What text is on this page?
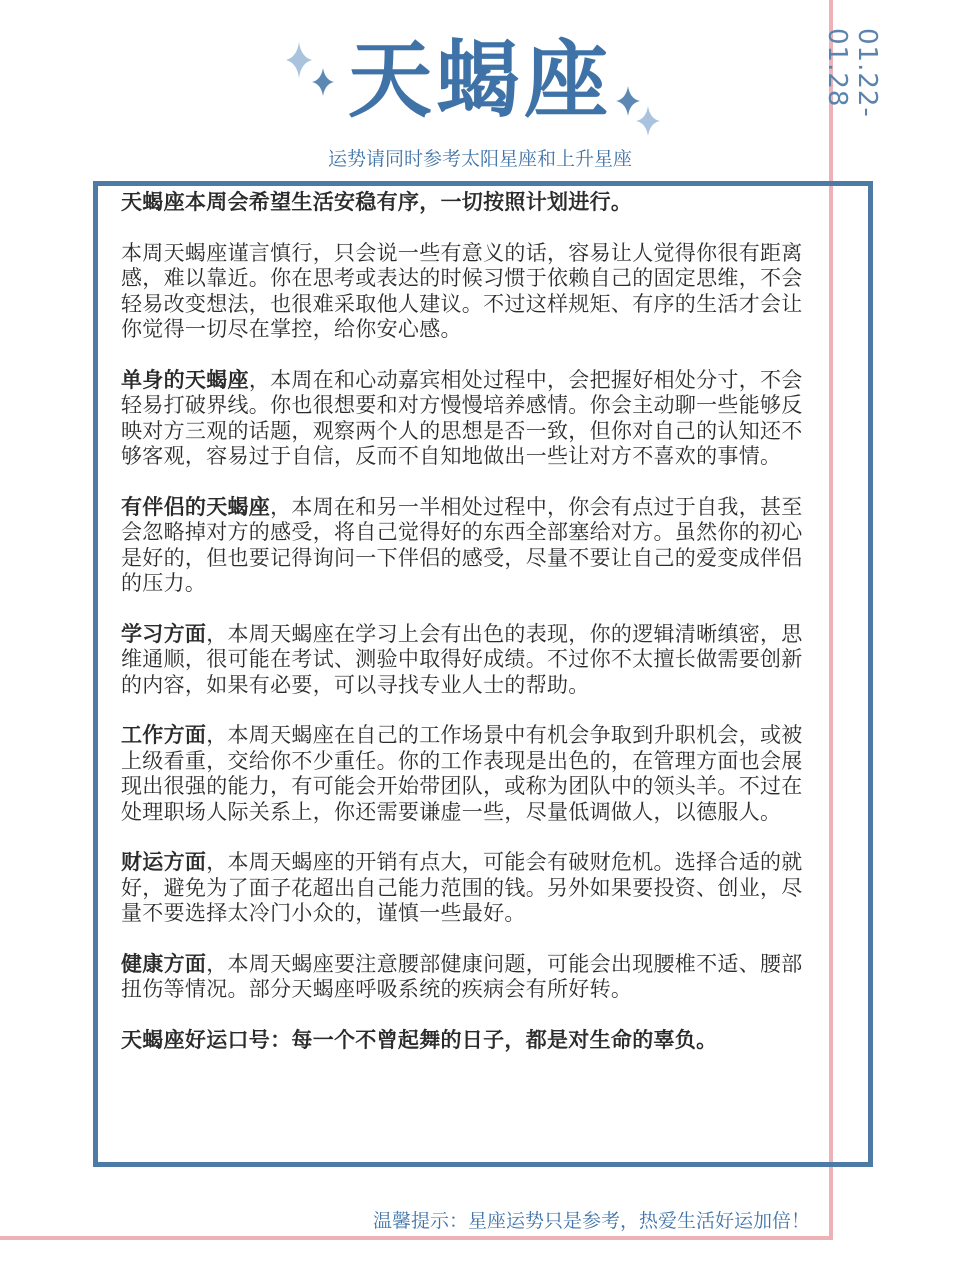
01.22-01.28
天蝎座
运势请同时参考太阳星座和上升星座

天蝎座本周会希望生活安稳有序，一切按照计划进行。

本周天蝎座谨言慎行，只会说一些有意义的话，容易让人觉得你很有距离感，难以靠近。你在思考或表达的时候习惯于依赖自己的固定思维，不会轻易改变想法，也很难采取他人建议。不过这样规矩、有序的生活才会让你觉得一切尽在掌控，给你安心感。

单身的天蝎座，本周在和心动嘉宾相处过程中，会把握好相处分寸，不会轻易打破界线。你也很想要和对方慢慢培养感情。你会主动聊一些能够反映对方三观的话题，观察两个人的思想是否一致，但你对自己的认知还不够客观，容易过于自信，反而不自知地做出一些让对方不喜欢的事情。

有伴侣的天蝎座，本周在和另一半相处过程中，你会有点过于自我，甚至会忽略掉对方的感受，将自己觉得好的东西全部塞给对方。虽然你的初心是好的，但也要记得询问一下伴侣的感受，尽量不要让自己的爱变成伴侣的压力。

学习方面，本周天蝎座在学习上会有出色的表现，你的逻辑清晰缜密，思维通顺，很可能在考试、测验中取得好成绩。不过你不太擅长做需要创新的内容，如果有必要，可以寻找专业人士的帮助。

工作方面，本周天蝎座在自己的工作场景中有机会争取到升职机会，或被上级看重，交给你不少重任。你的工作表现是出色的，在管理方面也会展现出很强的能力，有可能会开始带团队，或称为团队中的领头羊。不过在处理职场人际关系上，你还需要谦虚一些，尽量低调做人，以德服人。

财运方面，本周天蝎座的开销有点大，可能会有破财危机。选择合适的就好，避免为了面子花超出自己能力范围的钱。另外如果要投资、创业，尽量不要选择太冷门小众的，谨慎一些最好。

健康方面，本周天蝎座要注意腰部健康问题，可能会出现腰椎不适、腰部扭伤等情况。部分天蝎座呼吸系统的疾病会有所好转。

天蝎座好运口号：每一个不曾起舞的日子，都是对生命的辜负。

温馨提示：星座运势只是参考，热爱生活好运加倍！
